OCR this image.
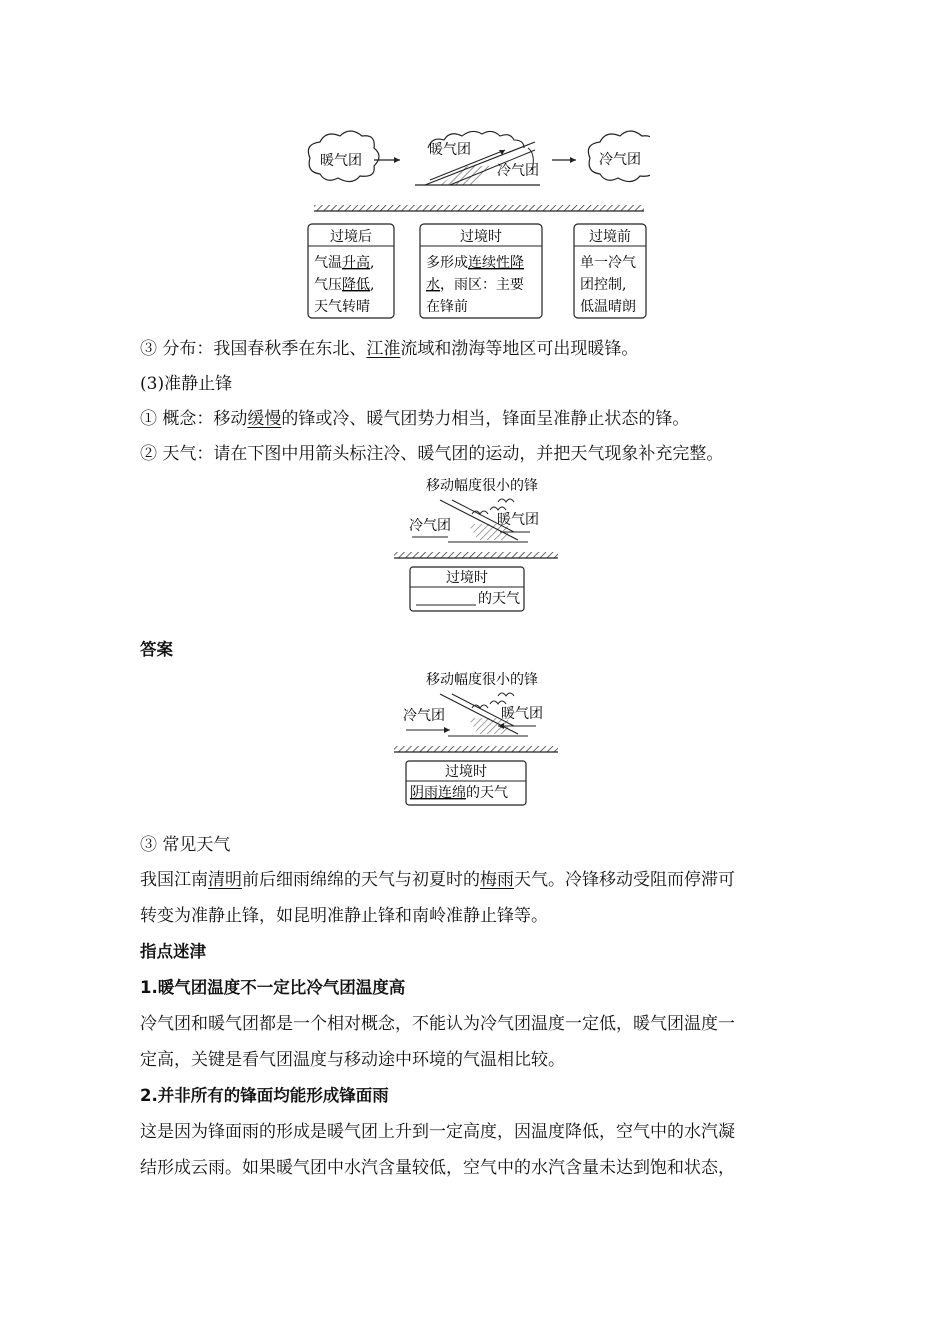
暖气团
暖气团
冷气团
冷气团
过境后
气温升高,
气压降低,
天气转晴
过境时
多形成连续性降
水，雨区：主要
在锋前
过境前
单一冷气
团控制,
低温晴朗
③ 分布：我国春秋季在东北、江淮流域和渤海等地区可出现暖锋。
(3)准静止锋
① 概念：移动缓慢的锋或冷、暖气团势力相当，锋面呈准静止状态的锋。
② 天气：请在下图中用箭头标注冷、暖气团的运动，并把天气现象补充完整。
移动幅度很小的锋
冷气团	暖气团
过境时
的天气
答案
移动幅度很小的锋
冷气团	暖气团
过境时
阴雨连绵的天气
③ 常见天气
我国江南清明前后细雨绵绵的天气与初夏时的梅雨天气。冷锋移动受阻而停滞可
转变为准静止锋，如昆明准静止锋和南岭准静止锋等。
指点迷津
1.暖气团温度不一定比冷气团温度高
冷气团和暖气团都是一个相对概念，不能认为冷气团温度一定低，暖气团温度一
定高，关键是看气团温度与移动途中环境的气温相比较。
2.并非所有的锋面均能形成锋面雨
这是因为锋面雨的形成是暖气团上升到一定高度，因温度降低，空气中的水汽凝
结形成云雨。如果暖气团中水汽含量较低，空气中的水汽含量未达到饱和状态，
